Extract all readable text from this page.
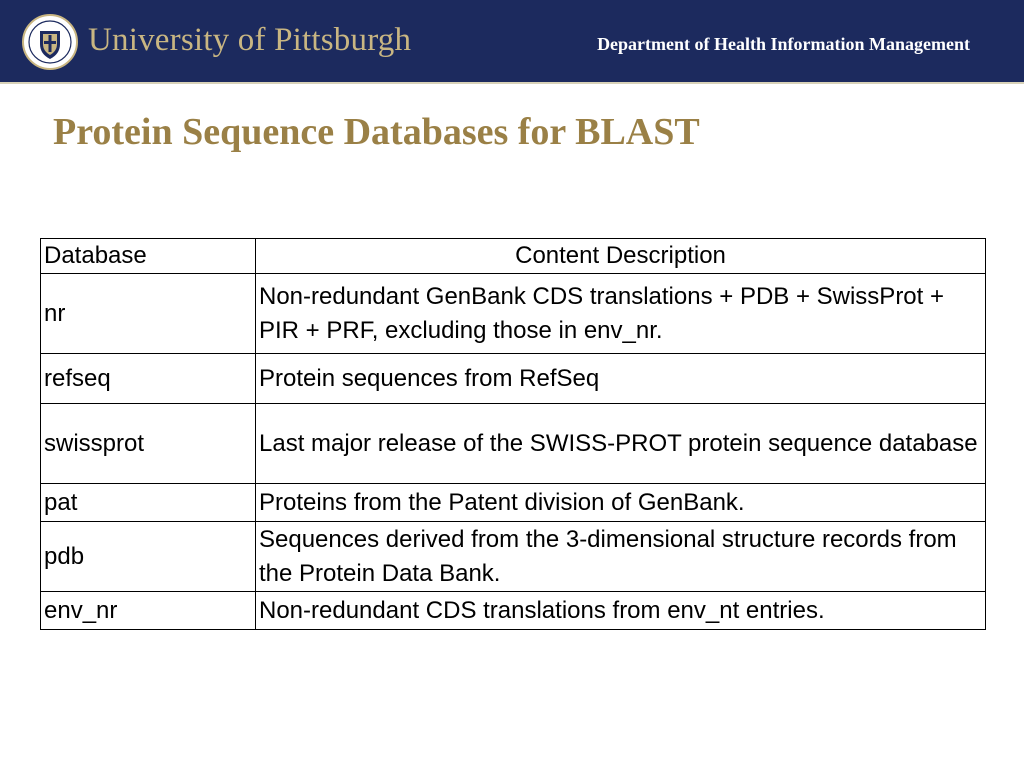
University of Pittsburgh	Department of Health Information Management
Protein Sequence Databases for BLAST
Database	Content Description
nr	Non-redundant GenBank CDS translations + PDB + SwissProt + PIR + PRF, excluding those in env_nr.
refseq	Protein sequences from RefSeq
swissprot	Last major release of the SWISS-PROT protein sequence database
pat	Proteins from the Patent division of GenBank.
pdb	Sequences derived from the 3-dimensional structure records from the Protein Data Bank.
env_nr	Non-redundant CDS translations from env_nt entries.
